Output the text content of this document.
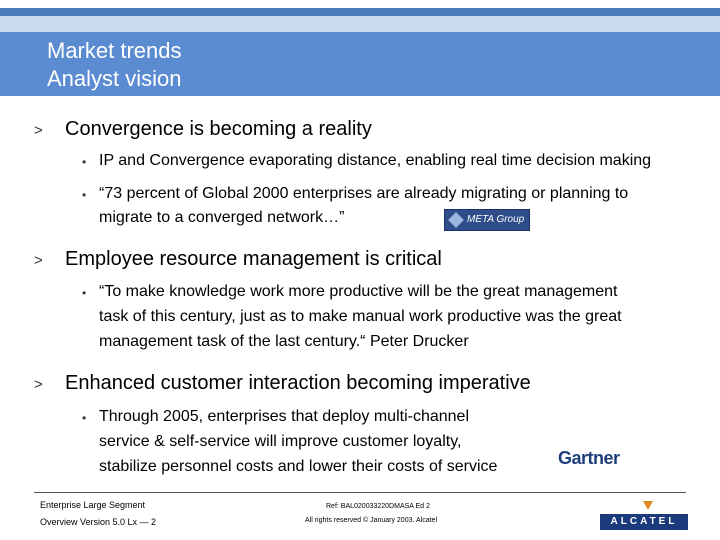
Market trends
Analyst vision
> Convergence is becoming a reality
• IP and Convergence evaporating distance, enabling real time decision making
• “73 percent of Global 2000 enterprises are already migrating or planning to
migrate to a converged network…”	META Group
> Employee resource management is critical
• “To make knowledge work more productive will be the great management
task of this century, just as to make manual work productive was the great
management task of the last century.“ Peter Drucker
> Enhanced customer interaction becoming imperative
• Through 2005, enterprises that deploy multi-channel
service & self-service will improve customer loyalty,
stabilize personnel costs and lower their costs of service	Gartner
Enterprise Large Segment
Overview Version 5.0 Lx — 2
Ref: BAL020033220DMASA Ed 2
All rights reserved © January 2003. Alcatel	ALCATEL
